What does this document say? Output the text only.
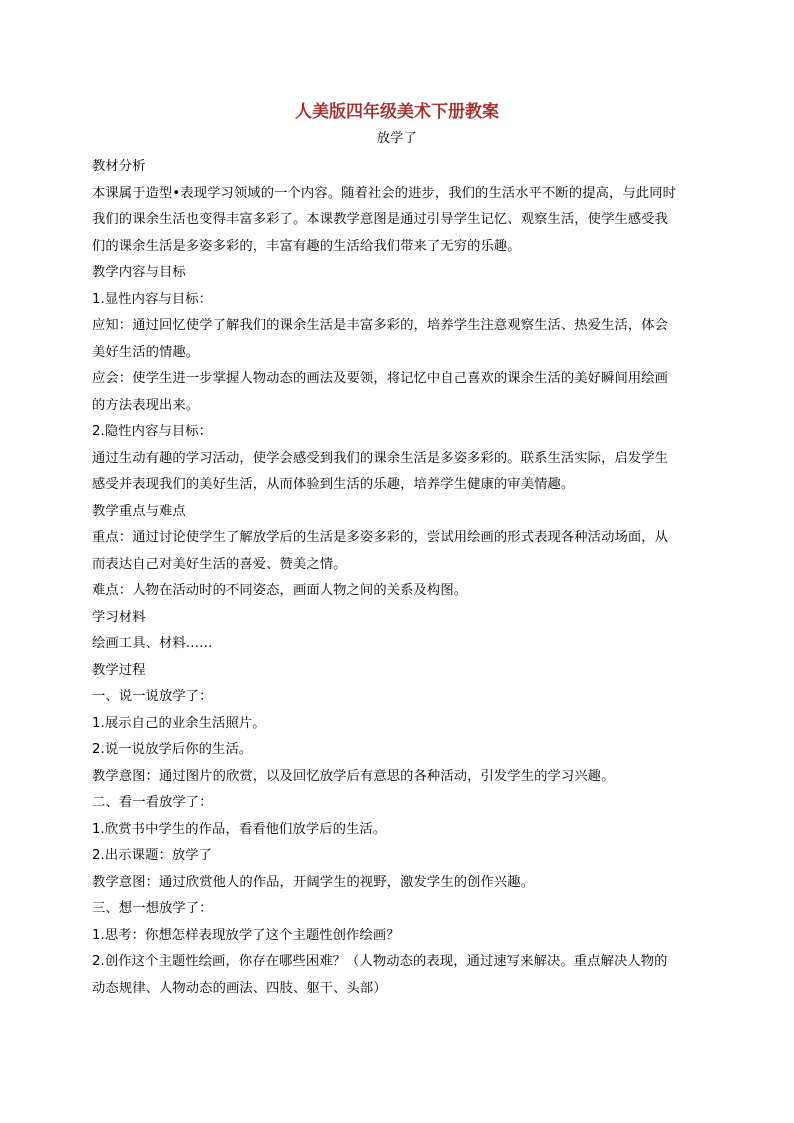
人美版四年级美术下册教案
放学了
教材分析
本课属于造型•表现学习领域的一个内容。随着社会的进步，我们的生活水平不断的提高，与此同时
我们的课余生活也变得丰富多彩了。本课教学意图是通过引导学生记忆、观察生活，使学生感受我
们的课余生活是多姿多彩的，丰富有趣的生活给我们带来了无穷的乐趣。
教学内容与目标
1.显性内容与目标：
应知：通过回忆使学了解我们的课余生活是丰富多彩的，培养学生注意观察生活、热爱生活，体会
美好生活的情趣。
应会：使学生进一步掌握人物动态的画法及要领，将记忆中自己喜欢的课余生活的美好瞬间用绘画
的方法表现出来。
2.隐性内容与目标：
通过生动有趣的学习活动，使学会感受到我们的课余生活是多姿多彩的。联系生活实际，启发学生
感受并表现我们的美好生活，从而体验到生活的乐趣，培养学生健康的审美情趣。
教学重点与难点
重点：通过讨论使学生了解放学后的生活是多姿多彩的，尝试用绘画的形式表现各种活动场面，从
而表达自己对美好生活的喜爱、赞美之情。
难点：人物在活动时的不同姿态，画面人物之间的关系及构图。
学习材料
绘画工具、材料……
教学过程
一、说一说放学了：
1.展示自己的业余生活照片。
2.说一说放学后你的生活。
教学意图：通过图片的欣赏，以及回忆放学后有意思的各种活动，引发学生的学习兴趣。
二、看一看放学了：
1.欣赏书中学生的作品，看看他们放学后的生活。
2.出示课题：放学了
教学意图：通过欣赏他人的作品，开阔学生的视野，激发学生的创作兴趣。
三、想一想放学了：
1.思考：你想怎样表现放学了这个主题性创作绘画？
2.创作这个主题性绘画，你存在哪些困难？（人物动态的表现，通过速写来解决。重点解决人物的
动态规律、人物动态的画法、四肢、躯干、头部）
